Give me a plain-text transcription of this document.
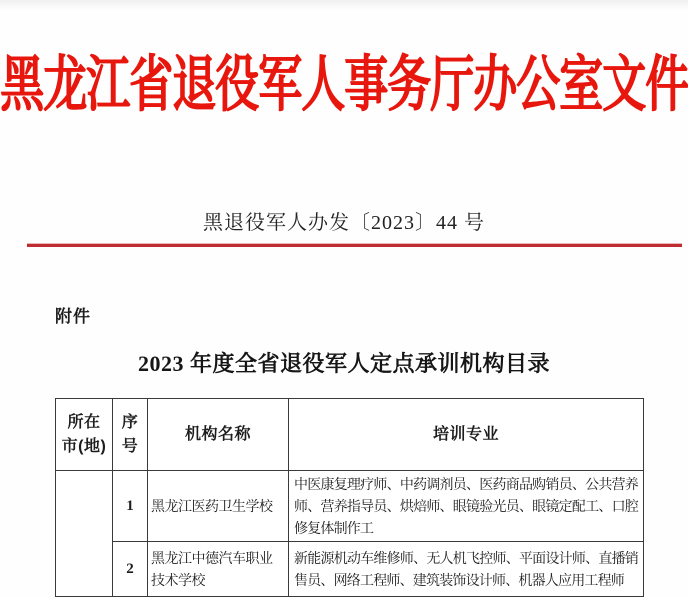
黑龙江省退役军人事务厅办公室文件
黑退役军人办发〔2023〕44 号
附件
2023 年度全省退役军人定点承训机构目录
所在市(地)	序号	机构名称	培训专业
	1	黑龙江医药卫生学校	中医康复理疗师、中药调剂员、医药商品购销员、公共营养师、营养指导员、烘焙师、眼镜验光员、眼镜定配工、口腔修复体制作工
	2	黑龙江中德汽车职业技术学校	新能源机动车维修师、无人机飞控师、平面设计师、直播销售员、网络工程师、建筑装饰设计师、机器人应用工程师
